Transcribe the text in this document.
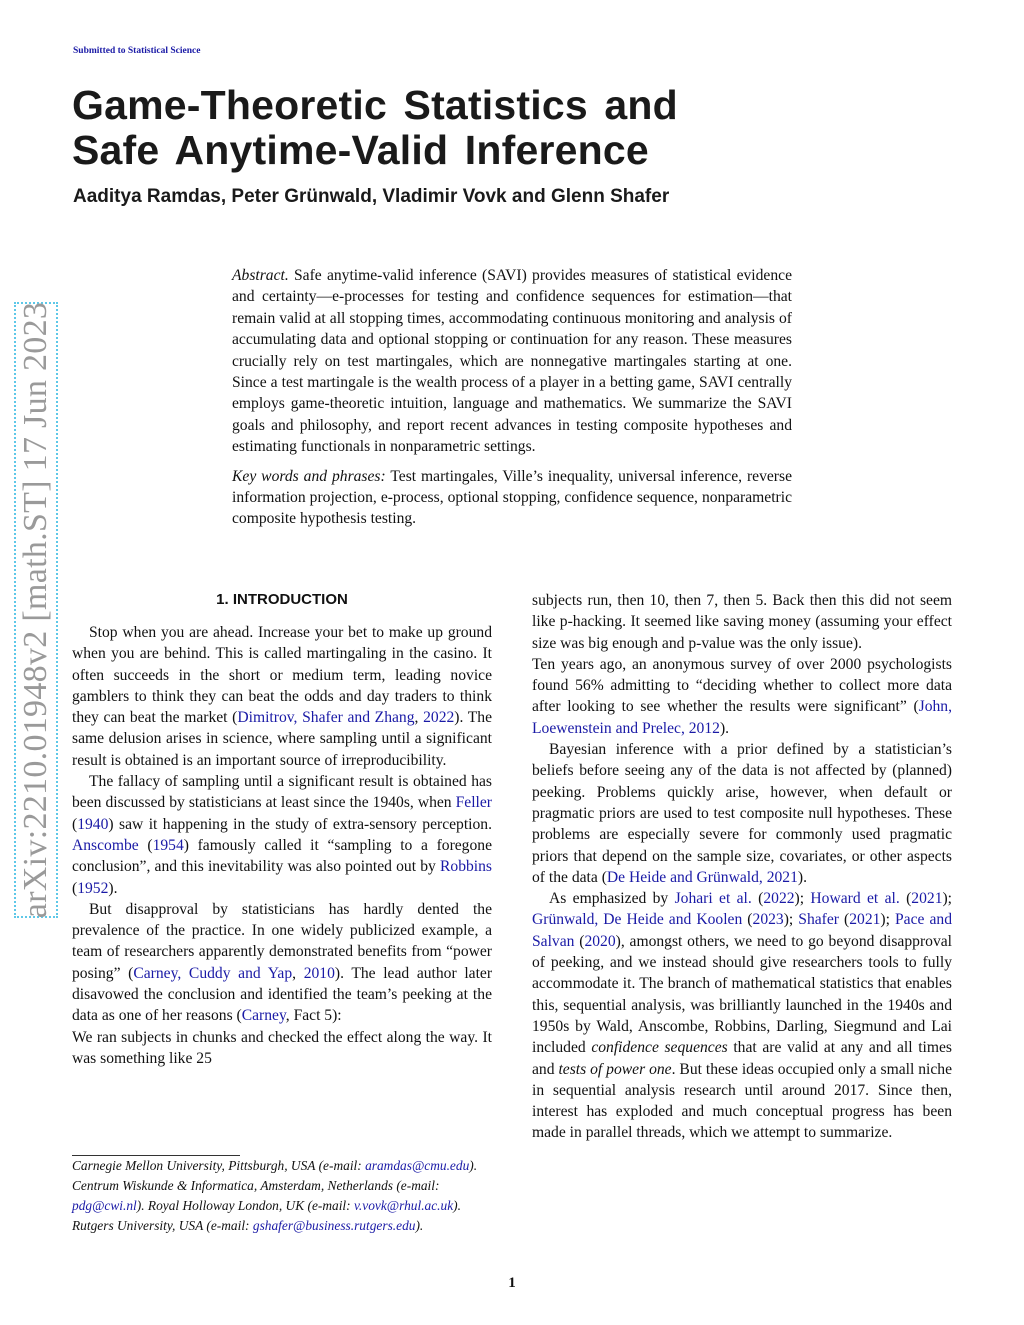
Submitted to Statistical Science
Game-Theoretic Statistics and
Safe Anytime-Valid Inference
Aaditya Ramdas, Peter Grünwald, Vladimir Vovk and Glenn Shafer
arXiv:2210.01948v2 [math.ST] 17 Jun 2023

Abstract. Safe anytime-valid inference (SAVI) provides measures of statistical evidence and certainty—e-processes for testing and confidence sequences for estimation—that remain valid at all stopping times, accommodating continuous monitoring and analysis of accumulating data and optional stopping or continuation for any reason. These measures crucially rely on test martingales, which are nonnegative martingales starting at one. Since a test martingale is the wealth process of a player in a betting game, SAVI centrally employs game-theoretic intuition, language and mathematics. We summarize the SAVI goals and philosophy, and report recent advances in testing composite hypotheses and estimating functionals in nonparametric settings.

Key words and phrases: Test martingales, Ville’s inequality, universal inference, reverse information projection, e-process, optional stopping, confidence sequence, nonparametric composite hypothesis testing.

1. INTRODUCTION

Stop when you are ahead. Increase your bet to make up ground when you are behind. This is called martingaling in the casino. It often succeeds in the short or medium term, leading novice gamblers to think they can beat the odds and day traders to think they can beat the market (Dimitrov, Shafer and Zhang, 2022). The same delusion arises in science, where sampling until a significant result is obtained is an important source of irreproducibility.

The fallacy of sampling until a significant result is obtained has been discussed by statisticians at least since the 1940s, when Feller (1940) saw it happening in the study of extra-sensory perception. Anscombe (1954) famously called it “sampling to a foregone conclusion”, and this inevitability was also pointed out by Robbins (1952).

But disapproval by statisticians has hardly dented the prevalence of the practice. In one widely publicized example, a team of researchers apparently demonstrated benefits from “power posing” (Carney, Cuddy and Yap, 2010). The lead author later disavowed the conclusion and identified the team’s peeking at the data as one of her reasons (Carney, Fact 5):

We ran subjects in chunks and checked the effect along the way. It was something like 25

subjects run, then 10, then 7, then 5. Back then this did not seem like p-hacking. It seemed like saving money (assuming your effect size was big enough and p-value was the only issue).

Ten years ago, an anonymous survey of over 2000 psychologists found 56% admitting to “deciding whether to collect more data after looking to see whether the results were significant” (John, Loewenstein and Prelec, 2012).

Bayesian inference with a prior defined by a statistician’s beliefs before seeing any of the data is not affected by (planned) peeking. Problems quickly arise, however, when default or pragmatic priors are used to test composite null hypotheses. These problems are especially severe for commonly used pragmatic priors that depend on the sample size, covariates, or other aspects of the data (De Heide and Grünwald, 2021).

As emphasized by Johari et al. (2022); Howard et al. (2021); Grünwald, De Heide and Koolen (2023); Shafer (2021); Pace and Salvan (2020), amongst others, we need to go beyond disapproval of peeking, and we instead should give researchers tools to fully accommodate it. The branch of mathematical statistics that enables this, sequential analysis, was brilliantly launched in the 1940s and 1950s by Wald, Anscombe, Robbins, Darling, Siegmund and Lai included confidence sequences that are valid at any and all times and tests of power one. But these ideas occupied only a small niche in sequential analysis research until around 2017. Since then, interest has exploded and much conceptual progress has been made in parallel threads, which we attempt to summarize.

Carnegie Mellon University, Pittsburgh, USA (e-mail: aramdas@cmu.edu). Centrum Wiskunde & Informatica, Amsterdam, Netherlands (e-mail: pdg@cwi.nl). Royal Holloway London, UK (e-mail: v.vovk@rhul.ac.uk). Rutgers University, USA (e-mail: gshafer@business.rutgers.edu).
1
